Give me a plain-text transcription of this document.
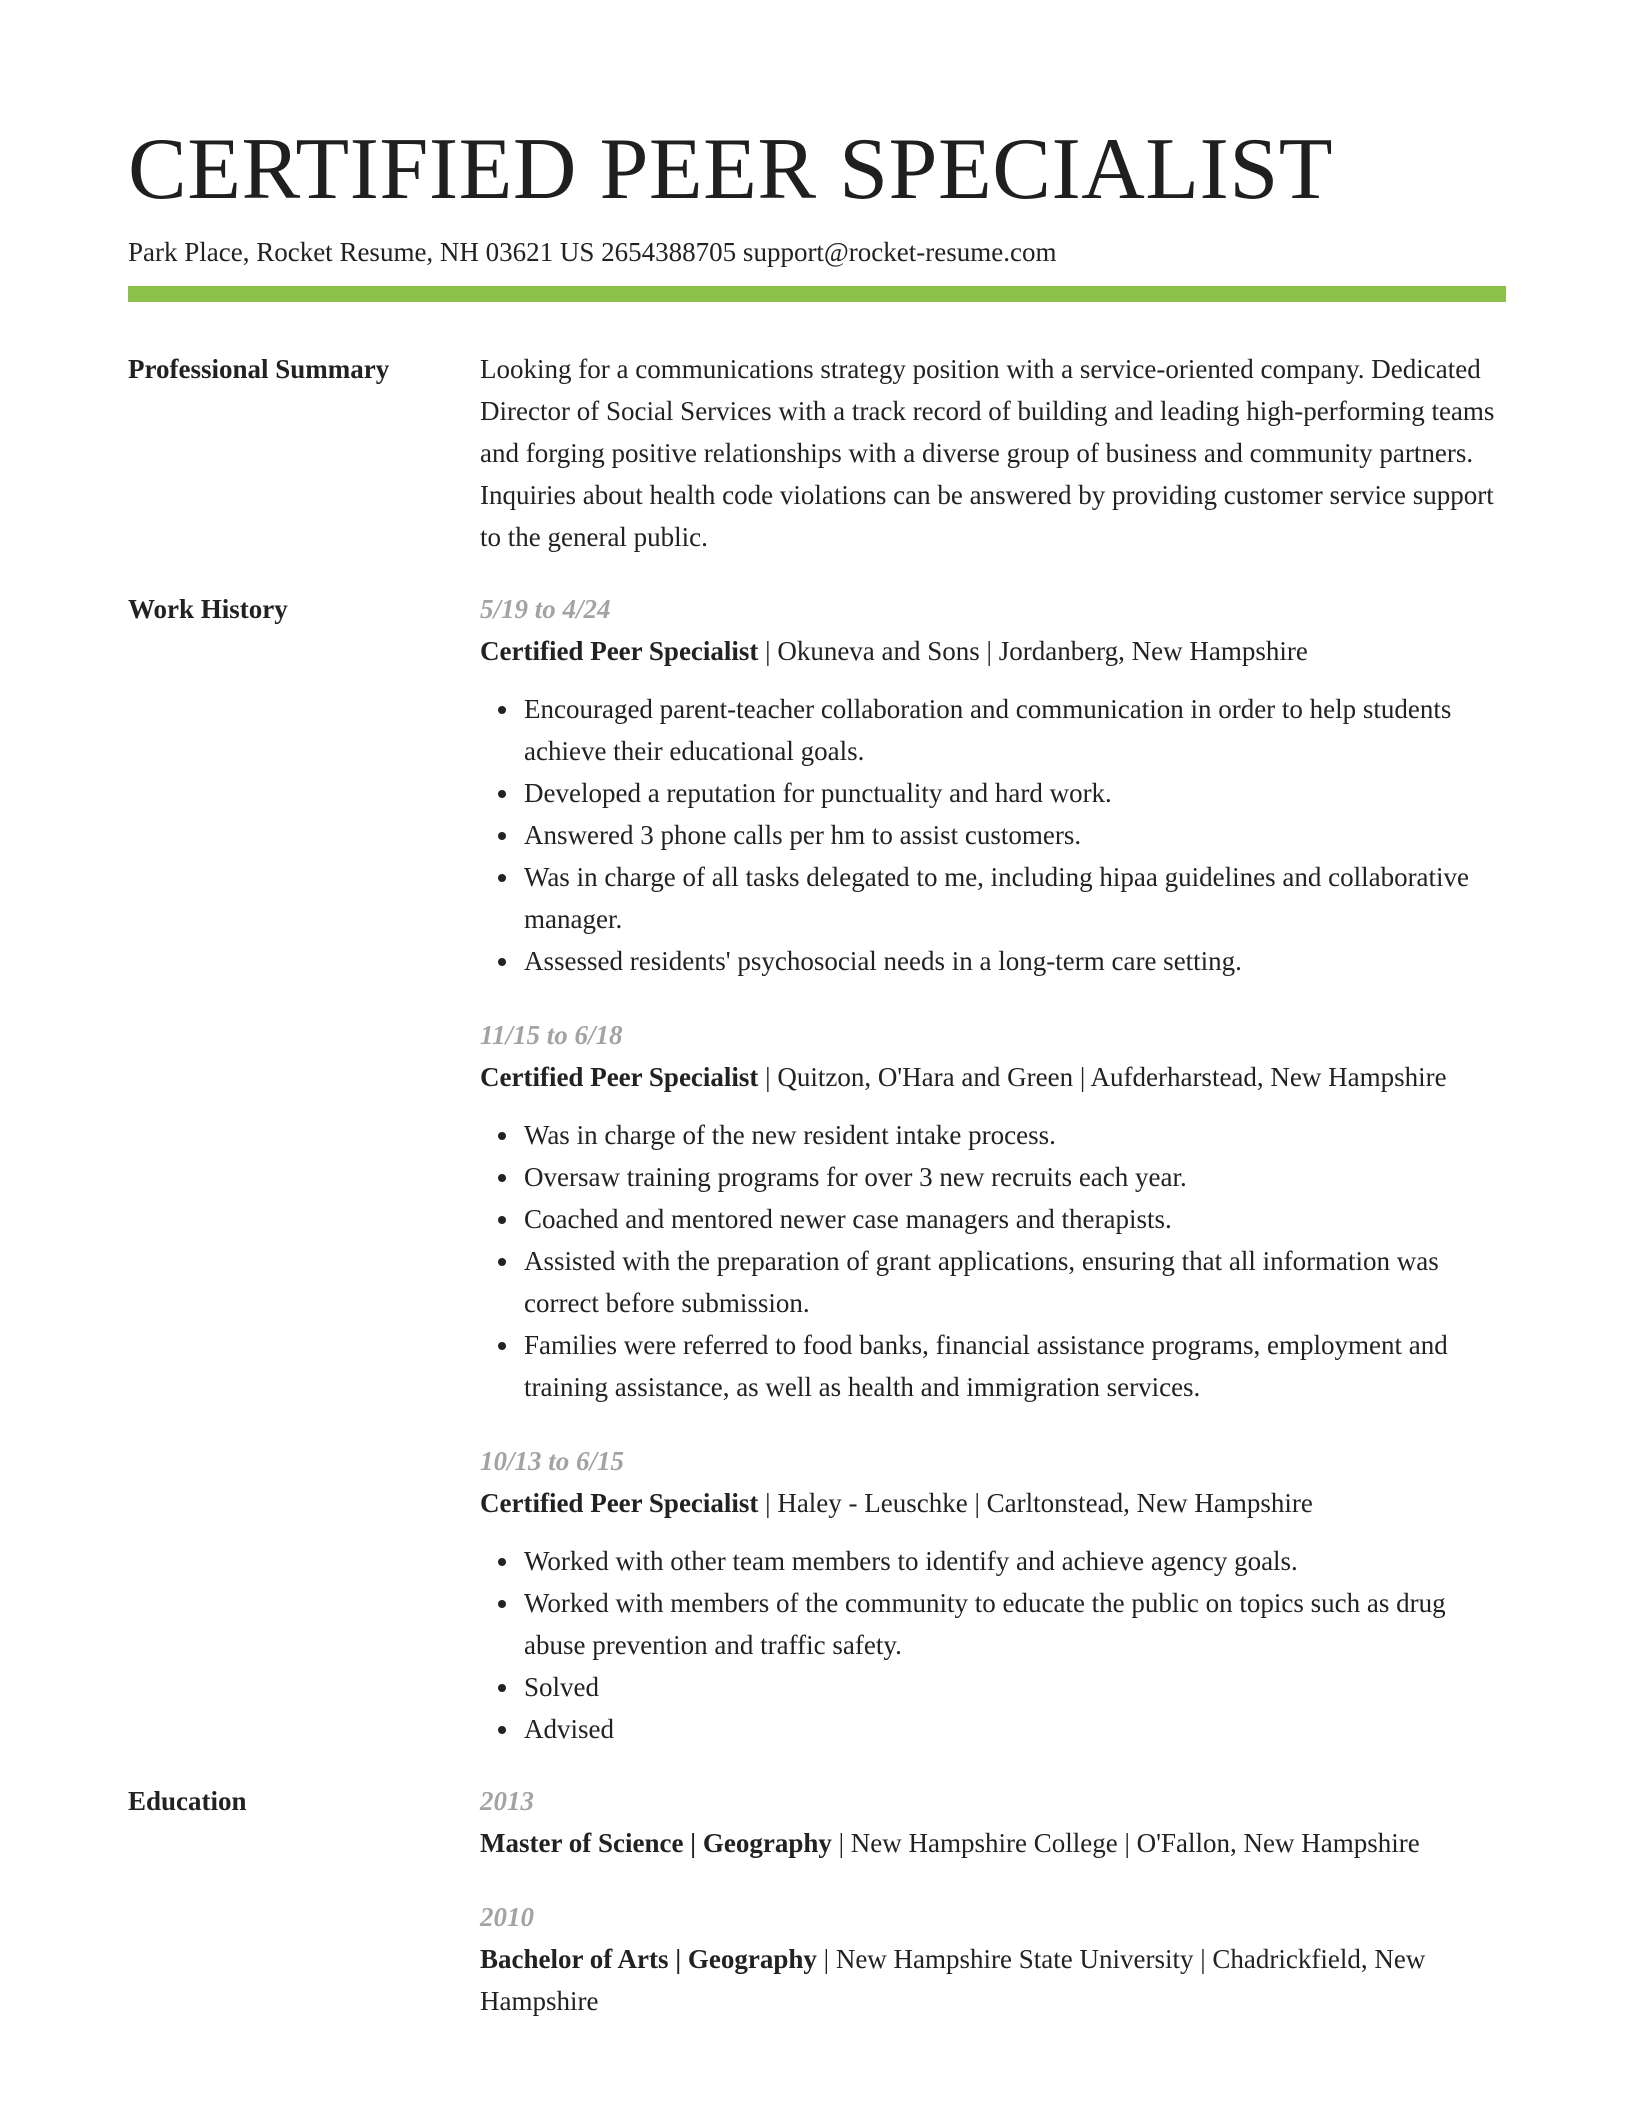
CERTIFIED PEER SPECIALIST
Park Place, Rocket Resume, NH 03621 US 2654388705 support@rocket-resume.com
Professional Summary	Looking for a communications strategy position with a service-oriented company. Dedicated Director of Social Services with a track record of building and leading high-performing teams and forging positive relationships with a diverse group of business and community partners. Inquiries about health code violations can be answered by providing customer service support to the general public.
Work History	5/19 to 4/24
Certified Peer Specialist | Okuneva and Sons | Jordanberg, New Hampshire
Encouraged parent-teacher collaboration and communication in order to help students achieve their educational goals.
Developed a reputation for punctuality and hard work.
Answered 3 phone calls per hm to assist customers.
Was in charge of all tasks delegated to me, including hipaa guidelines and collaborative manager.
Assessed residents' psychosocial needs in a long-term care setting.
11/15 to 6/18
Certified Peer Specialist | Quitzon, O'Hara and Green | Aufderharstead, New Hampshire
Was in charge of the new resident intake process.
Oversaw training programs for over 3 new recruits each year.
Coached and mentored newer case managers and therapists.
Assisted with the preparation of grant applications, ensuring that all information was correct before submission.
Families were referred to food banks, financial assistance programs, employment and training assistance, as well as health and immigration services.
10/13 to 6/15
Certified Peer Specialist | Haley - Leuschke | Carltonstead, New Hampshire
Worked with other team members to identify and achieve agency goals.
Worked with members of the community to educate the public on topics such as drug abuse prevention and traffic safety.
Solved
Advised
Education	2013
Master of Science | Geography | New Hampshire College | O'Fallon, New Hampshire
2010
Bachelor of Arts | Geography | New Hampshire State University | Chadrickfield, New Hampshire
